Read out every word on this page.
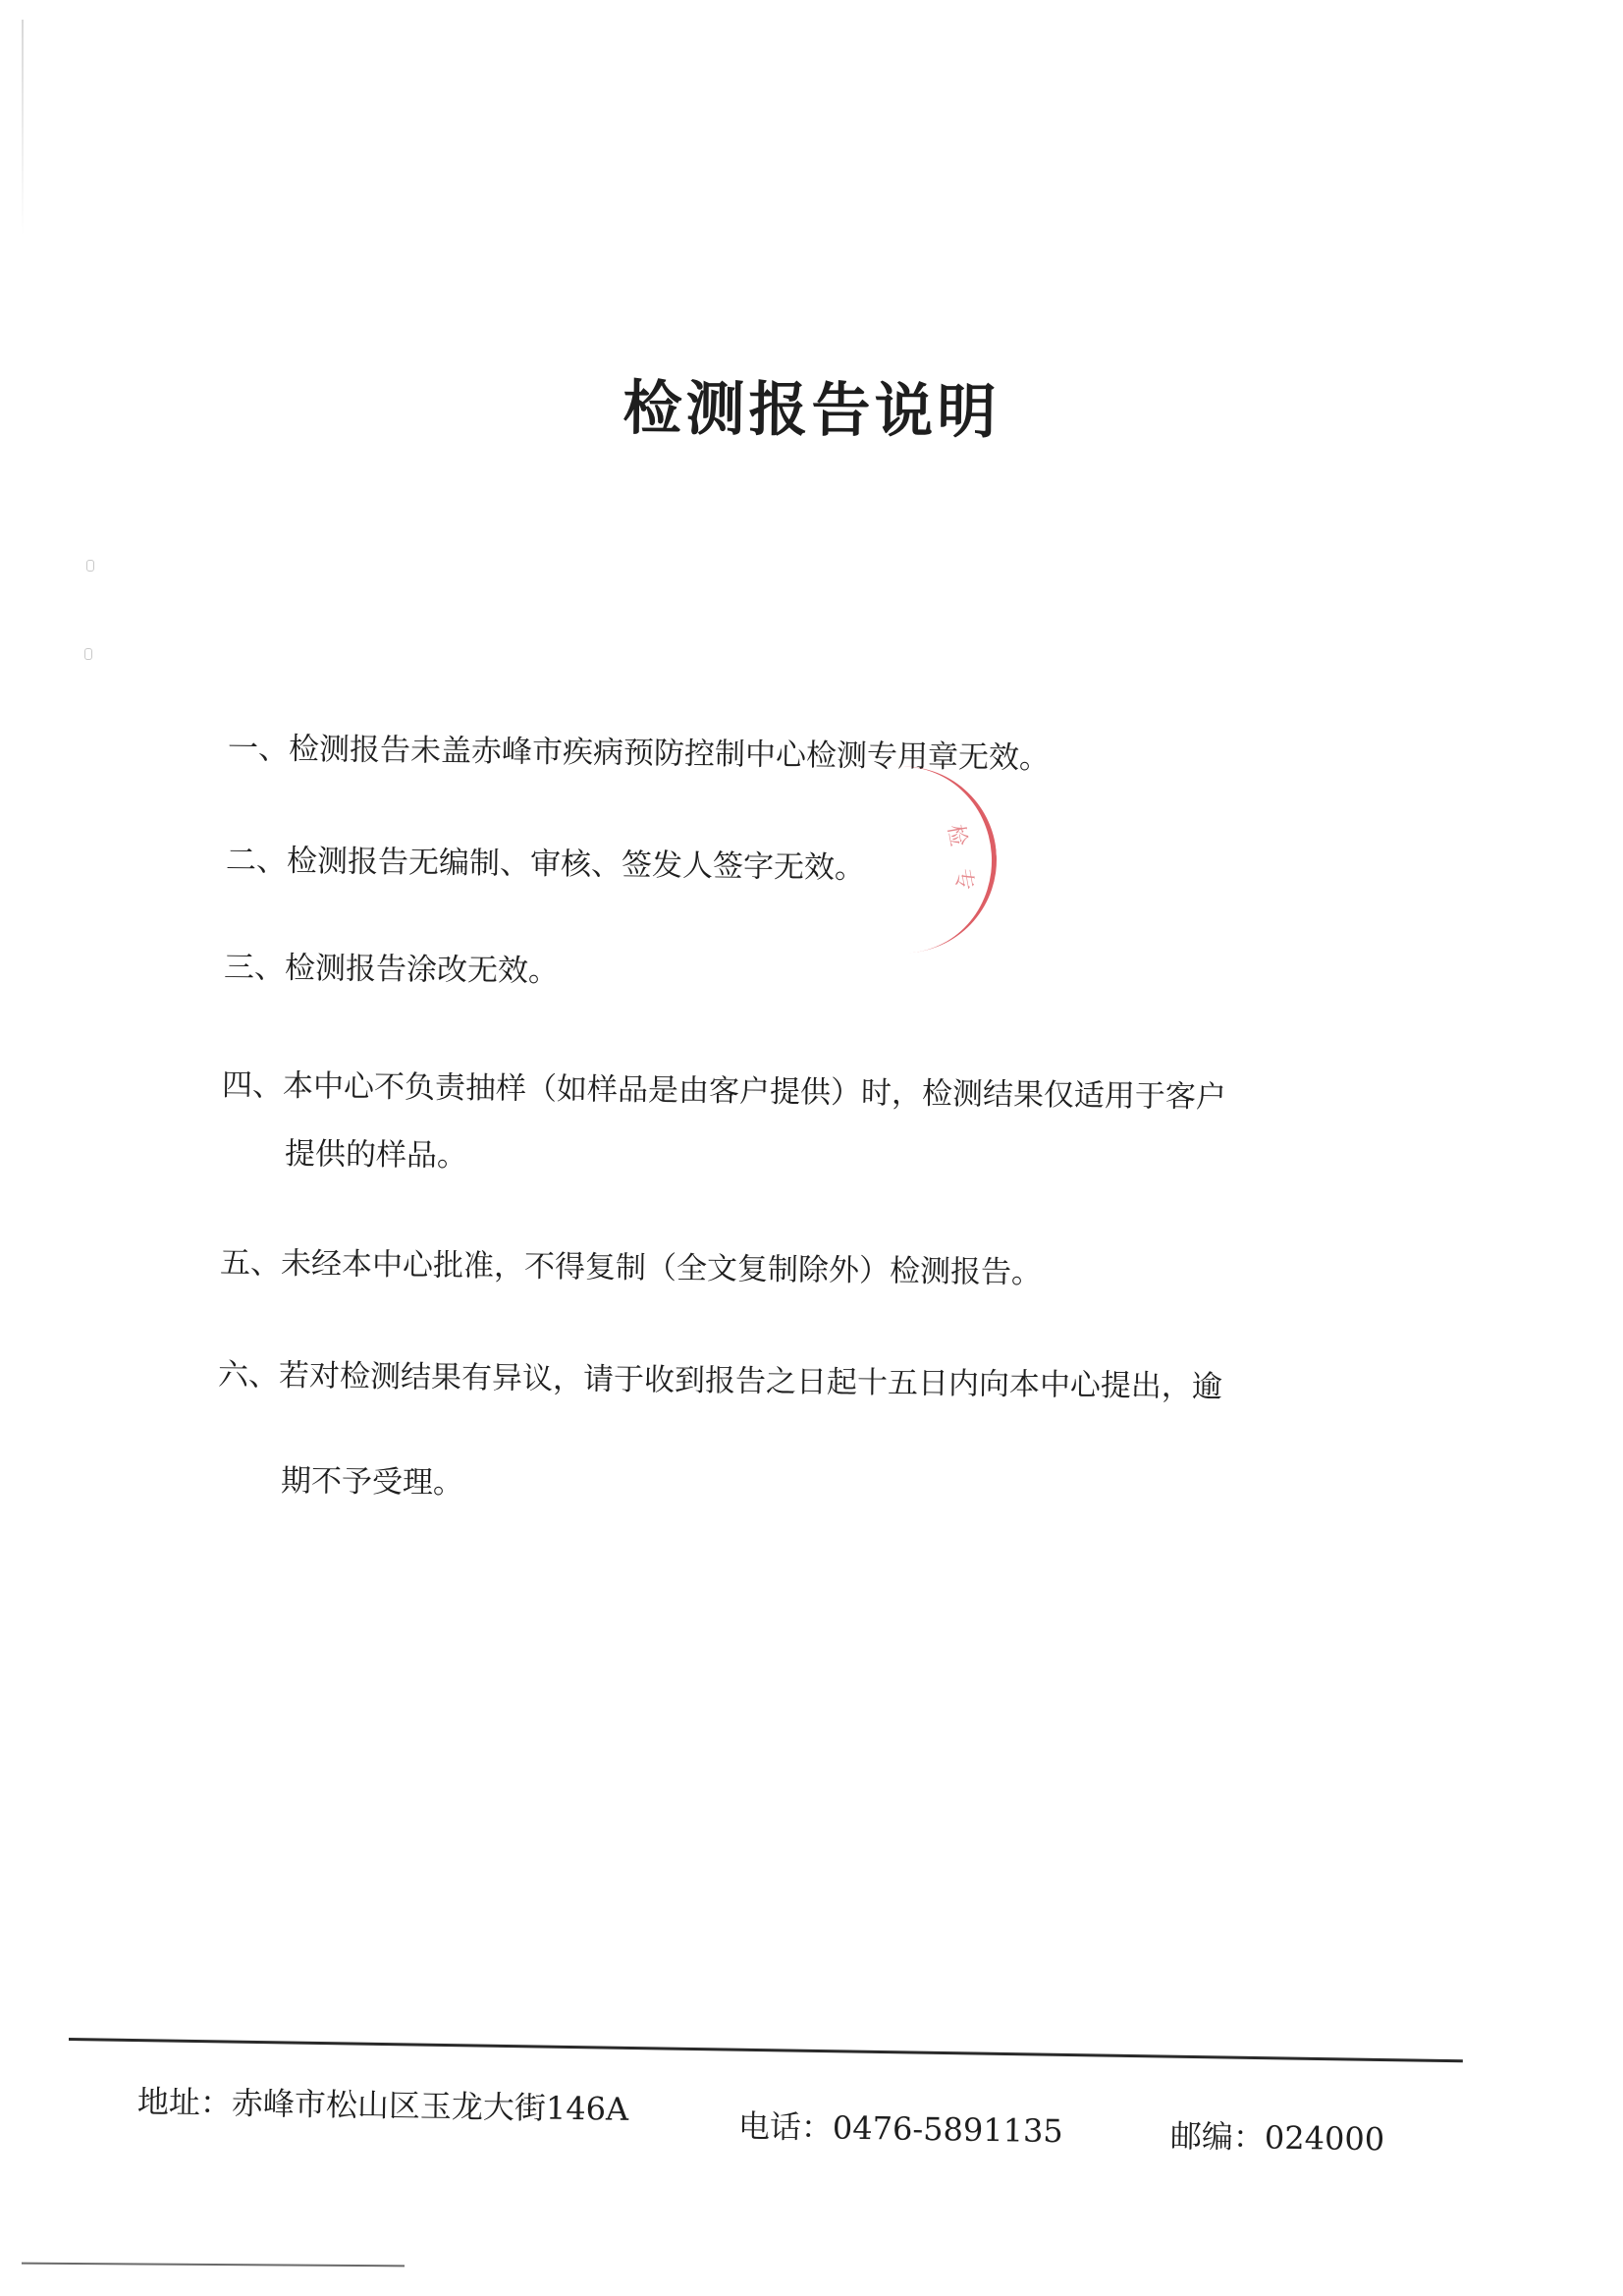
检测报告说明
一、检测报告未盖赤峰市疾病预防控制中心检测专用章无效。
二、检测报告无编制、审核、签发人签字无效。
检
专
三、检测报告涂改无效。
四、本中心不负责抽样（如样品是由客户提供）时，检测结果仅适用于客户
提供的样品。
五、未经本中心批准，不得复制（全文复制除外）检测报告。
六、若对检测结果有异议，请于收到报告之日起十五日内向本中心提出，逾
期不予受理。
地址：赤峰市松山区玉龙大街146A	电话：0476-5891135	邮编：024000
